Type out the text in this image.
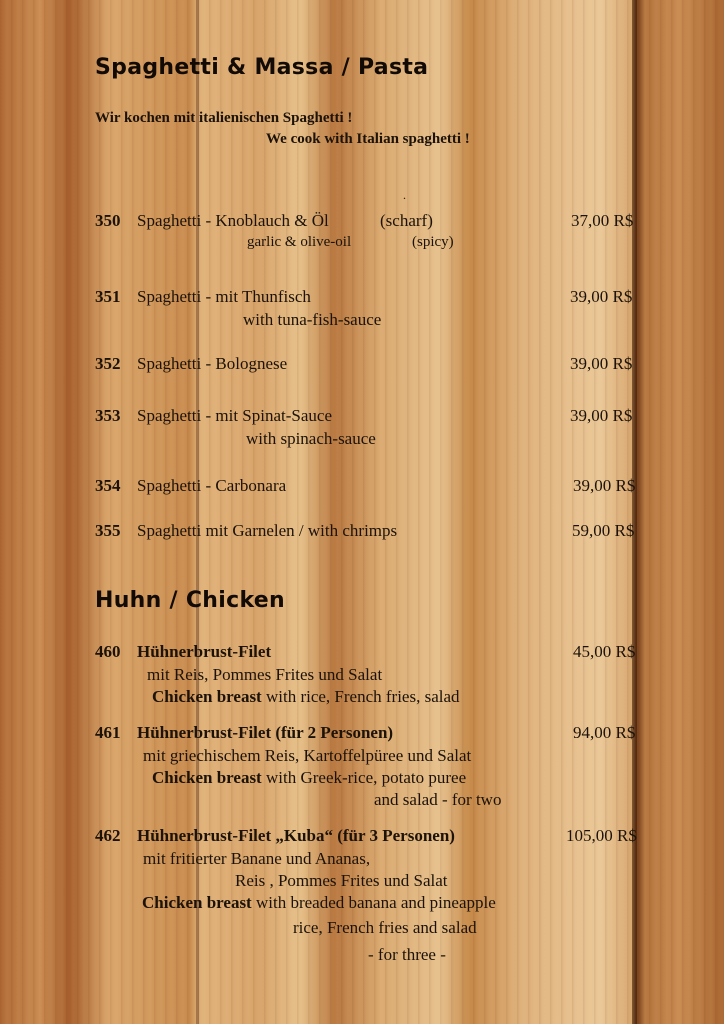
Spaghetti & Massa / Pasta
Wir kochen mit italienischen Spaghetti !
We cook with Italian spaghetti !
.
350 Spaghetti - Knoblauch & Öl	(scharf)	37,00 R$
garlic & olive-oil	(spicy)
351 Spaghetti - mit Thunfisch	39,00 R$
with tuna-fish-sauce
352 Spaghetti - Bolognese	39,00 R$
353 Spaghetti - mit Spinat-Sauce	39,00 R$
with spinach-sauce
354 Spaghetti - Carbonara	39,00 R$
355 Spaghetti mit Garnelen / with chrimps	59,00 R$
Huhn / Chicken
460 Hühnerbrust-Filet	45,00 R$
mit Reis, Pommes Frites und Salat
Chicken breast with rice, French fries, salad
461 Hühnerbrust-Filet (für 2 Personen)	94,00 R$
mit griechischem Reis, Kartoffelpüree und Salat
Chicken breast with Greek-rice, potato puree
and salad - for two
462 Hühnerbrust-Filet „Kuba“ (für 3 Personen)	105,00 R$
mit fritierter Banane und Ananas,
Reis , Pommes Frites und Salat
Chicken breast with breaded banana and pineapple
rice, French fries and salad
- for three -
